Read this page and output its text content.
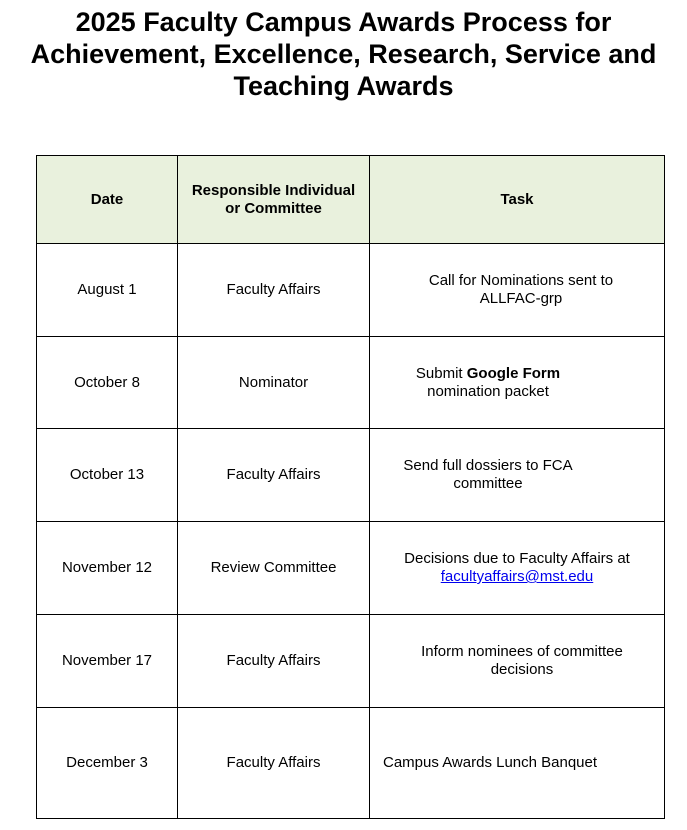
2025 Faculty Campus Awards Process for
Achievement, Excellence, Research, Service and
Teaching Awards
Date	Responsible Individual or Committee	Task
August 1	Faculty Affairs	Call for Nominations sent to ALLFAC-grp

October 8	Nominator	Submit Google Form
nomination packet

October 13	Faculty Affairs	Send full dossiers to FCA committee

November 12	Review Committee	Decisions due to Faculty Affairs at
facultyaffairs@mst.edu

November 17	Faculty Affairs	Inform nominees of committee decisions

December 3	Faculty Affairs	Campus Awards Lunch Banquet
